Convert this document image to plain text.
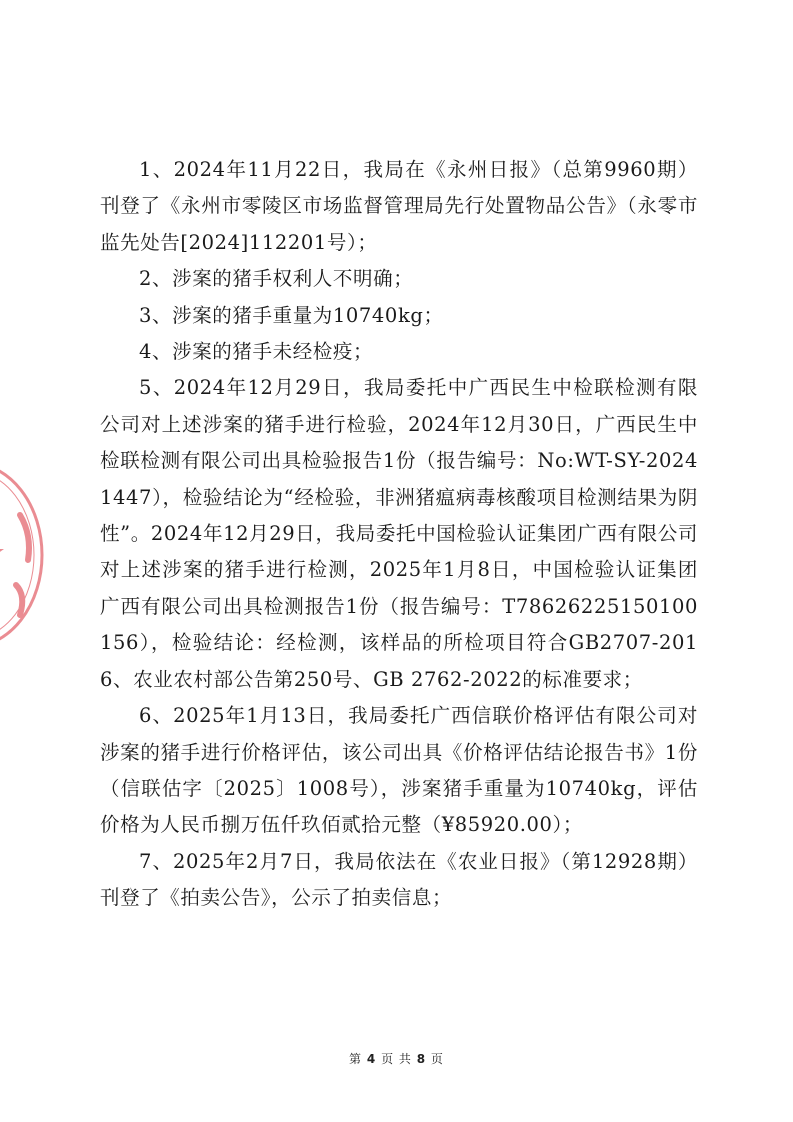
1、2024年11月22日，我局在《永州日报》（总第9960期）刊登了《永州市零陵区市场监督管理局先行处置物品公告》（永零市监先处告[2024]112201号）；

2、涉案的猪手权利人不明确；

3、涉案的猪手重量为10740kg；

4、涉案的猪手未经检疫；

5、2024年12月29日，我局委托中广西民生中检联检测有限公司对上述涉案的猪手进行检验，2024年12月30日，广西民生中检联检测有限公司出具检验报告1份（报告编号：No:WT-SY-20241447），检验结论为“经检验，非洲猪瘟病毒核酸项目检测结果为阴性”。2024年12月29日，我局委托中国检验认证集团广西有限公司对上述涉案的猪手进行检测，2025年1月8日，中国检验认证集团广西有限公司出具检测报告1份（报告编号：T78626225150100156），检验结论：经检测，该样品的所检项目符合GB2707-2016、农业农村部公告第250号、GB 2762-2022的标准要求；

6、2025年1月13日，我局委托广西信联价格评估有限公司对涉案的猪手进行价格评估，该公司出具《价格评估结论报告书》1份（信联估字〔2025〕1008号），涉案猪手重量为10740kg，评估价格为人民币捌万伍仟玖佰贰拾元整（¥85920.00）；

7、2025年2月7日，我局依法在《农业日报》（第12928期）刊登了《拍卖公告》，公示了拍卖信息；

第 4 页 共 8 页
